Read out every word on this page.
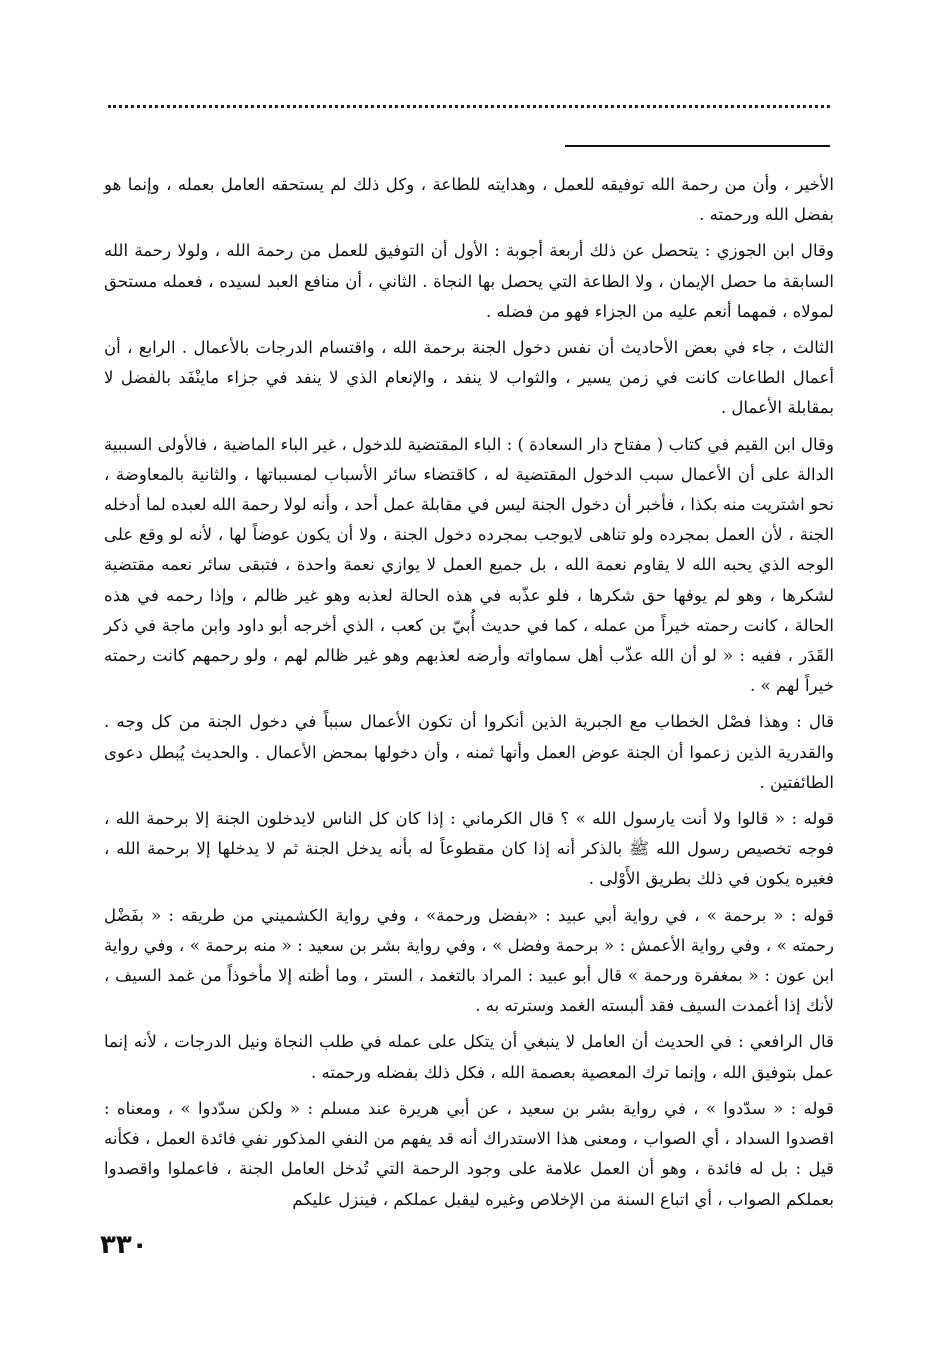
الأخير ، وأن من رحمة الله توفيقه للعمل ، وهدايته للطاعة ، وكل ذلك لم يستحقه العامل بعمله ، وإنما هو بفضل الله ورحمته .

وقال ابن الجوزي : يتحصل عن ذلك أربعة أجوبة : الأول أن التوفيق للعمل من رحمة الله ، ولولا رحمة الله السابقة ما حصل الإيمان ، ولا الطاعة التي يحصل بها النجاة . الثاني ، أن منافع العبد لسيده ، فعمله مستحق لمولاه ، فمهما أنعم عليه من الجزاء فهو من فضله .

الثالث ، جاء في بعض الأحاديث أن نفس دخول الجنة برحمة الله ، واقتسام الدرجات بالأعمال . الرابع ، أن أعمال الطاعات كانت في زمن يسير ، والثواب لا ينفد ، والإنعام الذي لا ينفد في جزاء ماينْفَد بالفضل لا بمقابلة الأعمال .

وقال ابن القيم في كتاب ( مفتاح دار السعادة ) : الباء المقتضية للدخول ، غير الباء الماضية ، فالأولى السببية الدالة على أن الأعمال سبب الدخول المقتضية له ، كاقتضاء سائر الأسباب لمسبباتها ، والثانية بالمعاوضة ، نحو اشتريت منه بكذا ، فأخبر أن دخول الجنة ليس في مقابلة عمل أحد ، وأنه لولا رحمة الله لعبده لما أدخله الجنة ، لأن العمل بمجرده ولو تناهى لايوجب بمجرده دخول الجنة ، ولا أن يكون عوضاً لها ، لأنه لو وقع على الوجه الذي يحبه الله لا يقاوم نعمة الله ، بل جميع العمل لا يوازي نعمة واحدة ، فتبقى سائر نعمه مقتضية لشكرها ، وهو لم يوفها حق شكرها ، فلو عذّبه في هذه الحالة لعذبه وهو غير ظالم ، وإذا رحمه في هذه الحالة ، كانت رحمته خيراً من عمله ، كما في حديث أُبيّ بن كعب ، الذي أخرجه أبو داود وابن ماجة في ذكر القَدَر ، ففيه : « لو أن الله عذّب أهل سماواته وأرضه لعذبهم وهو غير ظالم لهم ، ولو رحمهم كانت رحمته خيراً لهم » .

قال : وهذا فصْل الخطاب مع الجبرية الذين أنكروا أن تكون الأعمال سبباً في دخول الجنة من كل وجه . والقدرية الذين زعموا أن الجنة عوض العمل وأنها ثمنه ، وأن دخولها بمحض الأعمال . والحديث يُبطل دعوى الطائفتين .

قوله : « قالوا ولا أنت يارسول الله » ؟ قال الكرماني : إذا كان كل الناس لايدخلون الجنة إلا برحمة الله ، فوجه تخصيص رسول الله ﷺ بالذكر أنه إذا كان مقطوعاً له بأنه يدخل الجنة ثم لا يدخلها إلا برحمة الله ، فغيره يكون في ذلك بطريق الأَوْلى .

قوله : « برحمة » ، في رواية أبي عبيد : «بفضل ورحمة» ، وفي رواية الكشميني من طريقه : « بفَضْل رحمته » ، وفي رواية الأعمش : « برحمة وفضل » ، وفي رواية بشر بن سعيد : « منه برحمة » ، وفي رواية ابن عون : « بمغفرة ورحمة » قال أبو عبيد : المراد بالتغمد ، الستر ، وما أظنه إلا مأخوذاً من غمد السيف ، لأنك إذا أغمدت السيف فقد ألبسته الغمد وسترته به .

قال الرافعي : في الحديث أن العامل لا ينبغي أن يتكل على عمله في طلب النجاة ونيل الدرجات ، لأنه إنما عمل بتوفيق الله ، وإنما ترك المعصية بعصمة الله ، فكل ذلك بفضله ورحمته .

قوله : « سدّدوا » ، في رواية بشر بن سعيد ، عن أبي هريرة عند مسلم : « ولكن سدّدوا » ، ومعناه : اقصدوا السداد ، أي الصواب ، ومعنى هذا الاستدراك أنه قد يفهم من النفي المذكور نفي فائدة العمل ، فكأنه قيل : بل له فائدة ، وهو أن العمل علامة على وجود الرحمة التي تُدخل العامل الجنة ، فاعملوا واقصدوا بعملكم الصواب ، أي اتباع السنة من الإخلاص وغيره ليقبل عملكم ، فينزل عليكم

٣٣٠
